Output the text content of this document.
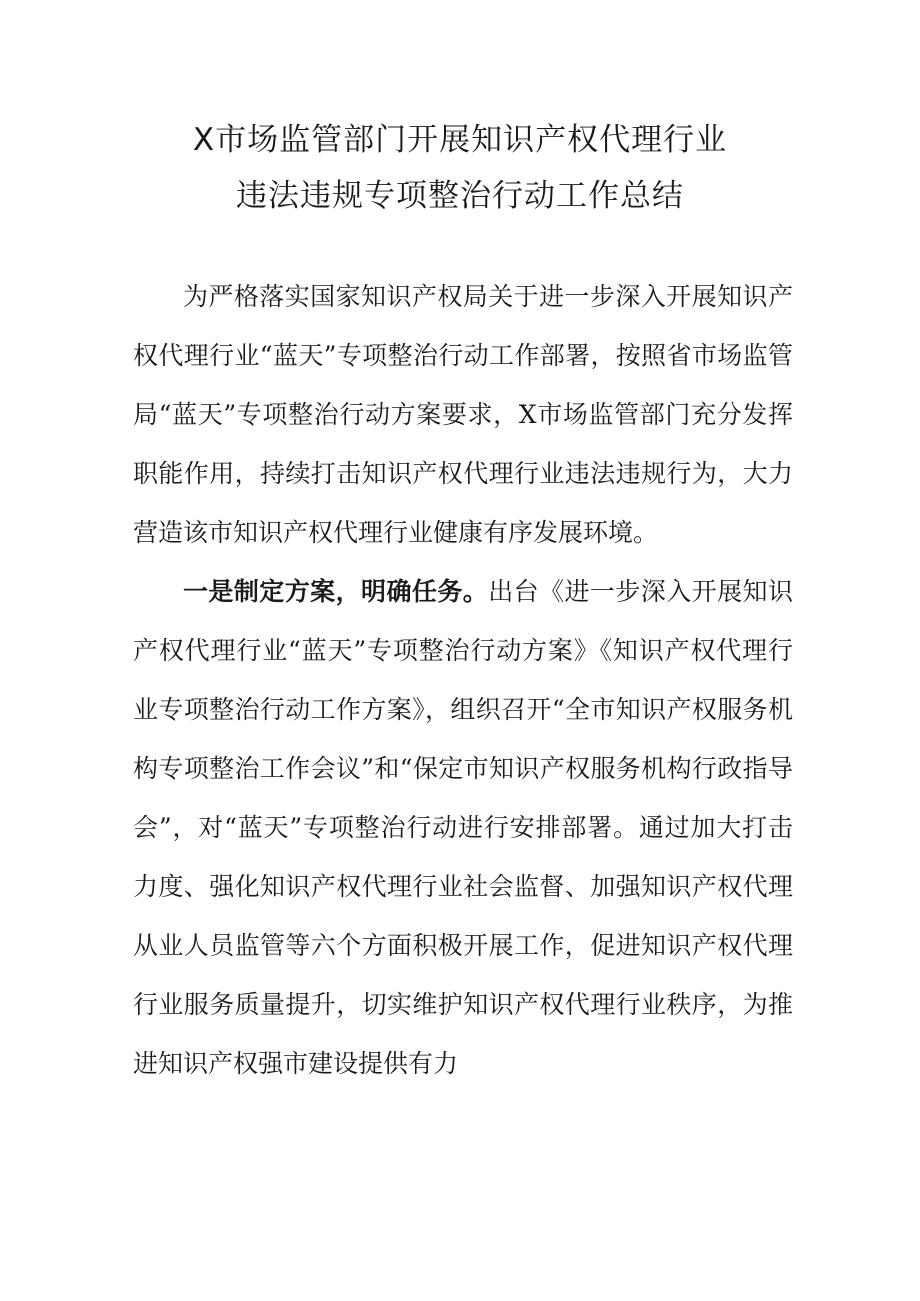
X市场监管部门开展知识产权代理行业
违法违规专项整治行动工作总结

为严格落实国家知识产权局关于进一步深入开展知识产权代理行业“蓝天”专项整治行动工作部署，按照省市场监管局“蓝天”专项整治行动方案要求，X市场监管部门充分发挥职能作用，持续打击知识产权代理行业违法违规行为，大力营造该市知识产权代理行业健康有序发展环境。

一是制定方案，明确任务。出台《进一步深入开展知识产权代理行业“蓝天”专项整治行动方案》《知识产权代理行业专项整治行动工作方案》，组织召开“全市知识产权服务机构专项整治工作会议”和“保定市知识产权服务机构行政指导会”，对“蓝天”专项整治行动进行安排部署。通过加大打击力度、强化知识产权代理行业社会监督、加强知识产权代理从业人员监管等六个方面积极开展工作，促进知识产权代理行业服务质量提升，切实维护知识产权代理行业秩序，为推进知识产权强市建设提供有力
